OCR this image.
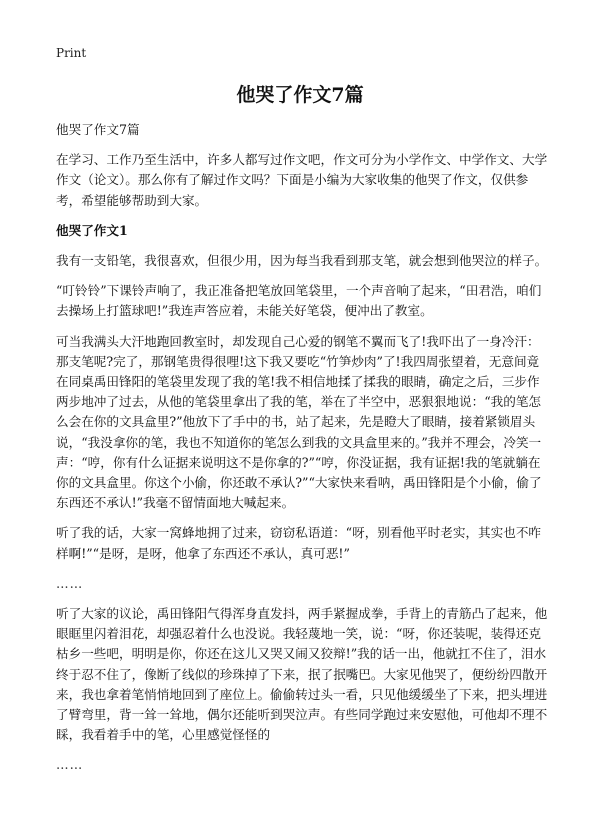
Print
他哭了作文7篇

他哭了作文7篇

在学习、工作乃至生活中，许多人都写过作文吧，作文可分为小学作文、中学作文、大学作文（论文）。那么你有了解过作文吗？下面是小编为大家收集的他哭了作文，仅供参考，希望能够帮助到大家。

他哭了作文1

我有一支铅笔，我很喜欢，但很少用，因为每当我看到那支笔，就会想到他哭泣的样子。

“叮铃铃”下课铃声响了，我正准备把笔放回笔袋里，一个声音响了起来，“田君浩，咱们去操场上打篮球吧!”我连声答应着，未能关好笔袋，便冲出了教室。

可当我满头大汗地跑回教室时，却发现自己心爱的钢笔不翼而飞了!我吓出了一身冷汗：那支笔呢?完了，那钢笔贵得很哩!这下我又要吃“竹笋炒肉”了!我四周张望着，无意间竟在同桌禹田锋阳的笔袋里发现了我的笔!我不相信地揉了揉我的眼睛，确定之后，三步作两步地冲了过去，从他的笔袋里拿出了我的笔，举在了半空中，恶狠狠地说：“我的笔怎么会在你的文具盒里?”他放下了手中的书，站了起来，先是瞪大了眼睛，接着紧锁眉头说，“我没拿你的笔，我也不知道你的笔怎么到我的文具盒里来的。”我并不理会，冷笑一声：“哼，你有什么证据来说明这不是你拿的?”“哼，你没证据，我有证据!我的笔就躺在你的文具盒里。你这个小偷，你还敢不承认?”“大家快来看呐，禹田锋阳是个小偷，偷了东西还不承认!”我毫不留情面地大喊起来。

听了我的话，大家一窝蜂地拥了过来，窃窃私语道：“呀，别看他平时老实，其实也不咋样啊!”“是呀，是呀，他拿了东西还不承认，真可恶!”

……

听了大家的议论，禹田锋阳气得浑身直发抖，两手紧握成拳，手背上的青筋凸了起来，他眼眶里闪着泪花，却强忍着什么也没说。我轻蔑地一笑，说：“呀，你还装呢，装得还克枯乡一些吧，明明是你，你还在这儿又哭又闹又狡辩!”我的话一出，他就扛不住了，泪水终于忍不住了，像断了线似的珍珠掉了下来，抿了抿嘴巴。大家见他哭了，便纷纷四散开来，我也拿着笔悄悄地回到了座位上。偷偷转过头一看，只见他缓缓坐了下来，把头埋进了臂弯里，背一耸一耸地，偶尔还能听到哭泣声。有些同学跑过来安慰他，可他却不理不睬，我看着手中的笔，心里感觉怪怪的

……
